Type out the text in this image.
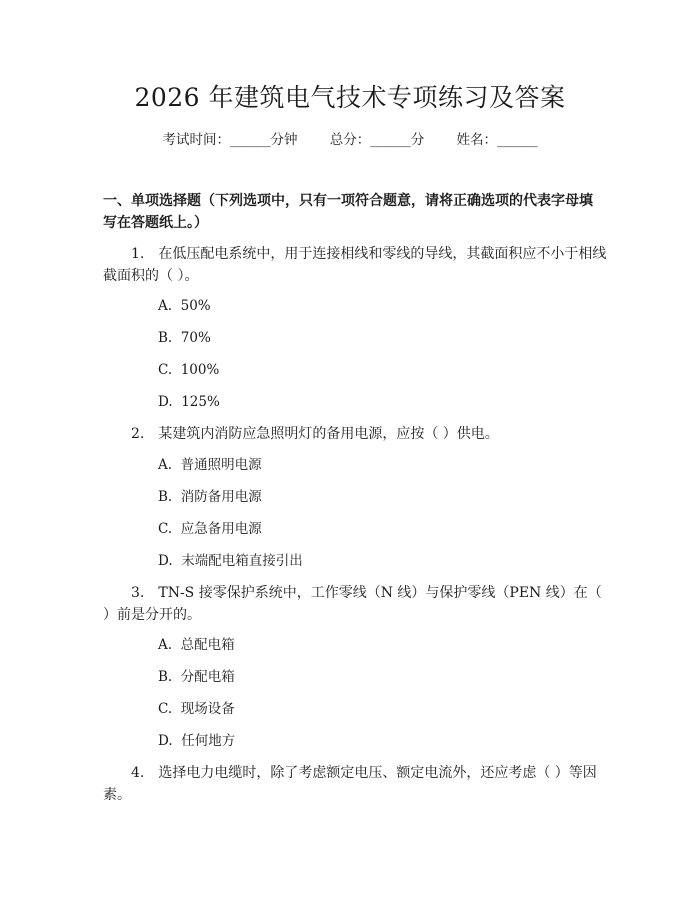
2026 年建筑电气技术专项练习及答案
考试时间：______分钟 总分：______分 姓名：______
一、单项选择题（下列选项中，只有一项符合题意，请将正确选项的代表字母填写在答题纸上。）
1.　在低压配电系统中，用于连接相线和零线的导线，其截面积应不小于相线截面积的（ ）。
A.  50%
B.  70%
C.  100%
D.  125%
2.　某建筑内消防应急照明灯的备用电源，应按（ ）供电。
A.  普通照明电源
B.  消防备用电源
C.  应急备用电源
D.  末端配电箱直接引出
3.　TN-S 接零保护系统中，工作零线（N 线）与保护零线（PEN 线）在（ ）前是分开的。
A.  总配电箱
B.  分配电箱
C.  现场设备
D.  任何地方
4.　选择电力电缆时，除了考虑额定电压、额定电流外，还应考虑（ ）等因素。
